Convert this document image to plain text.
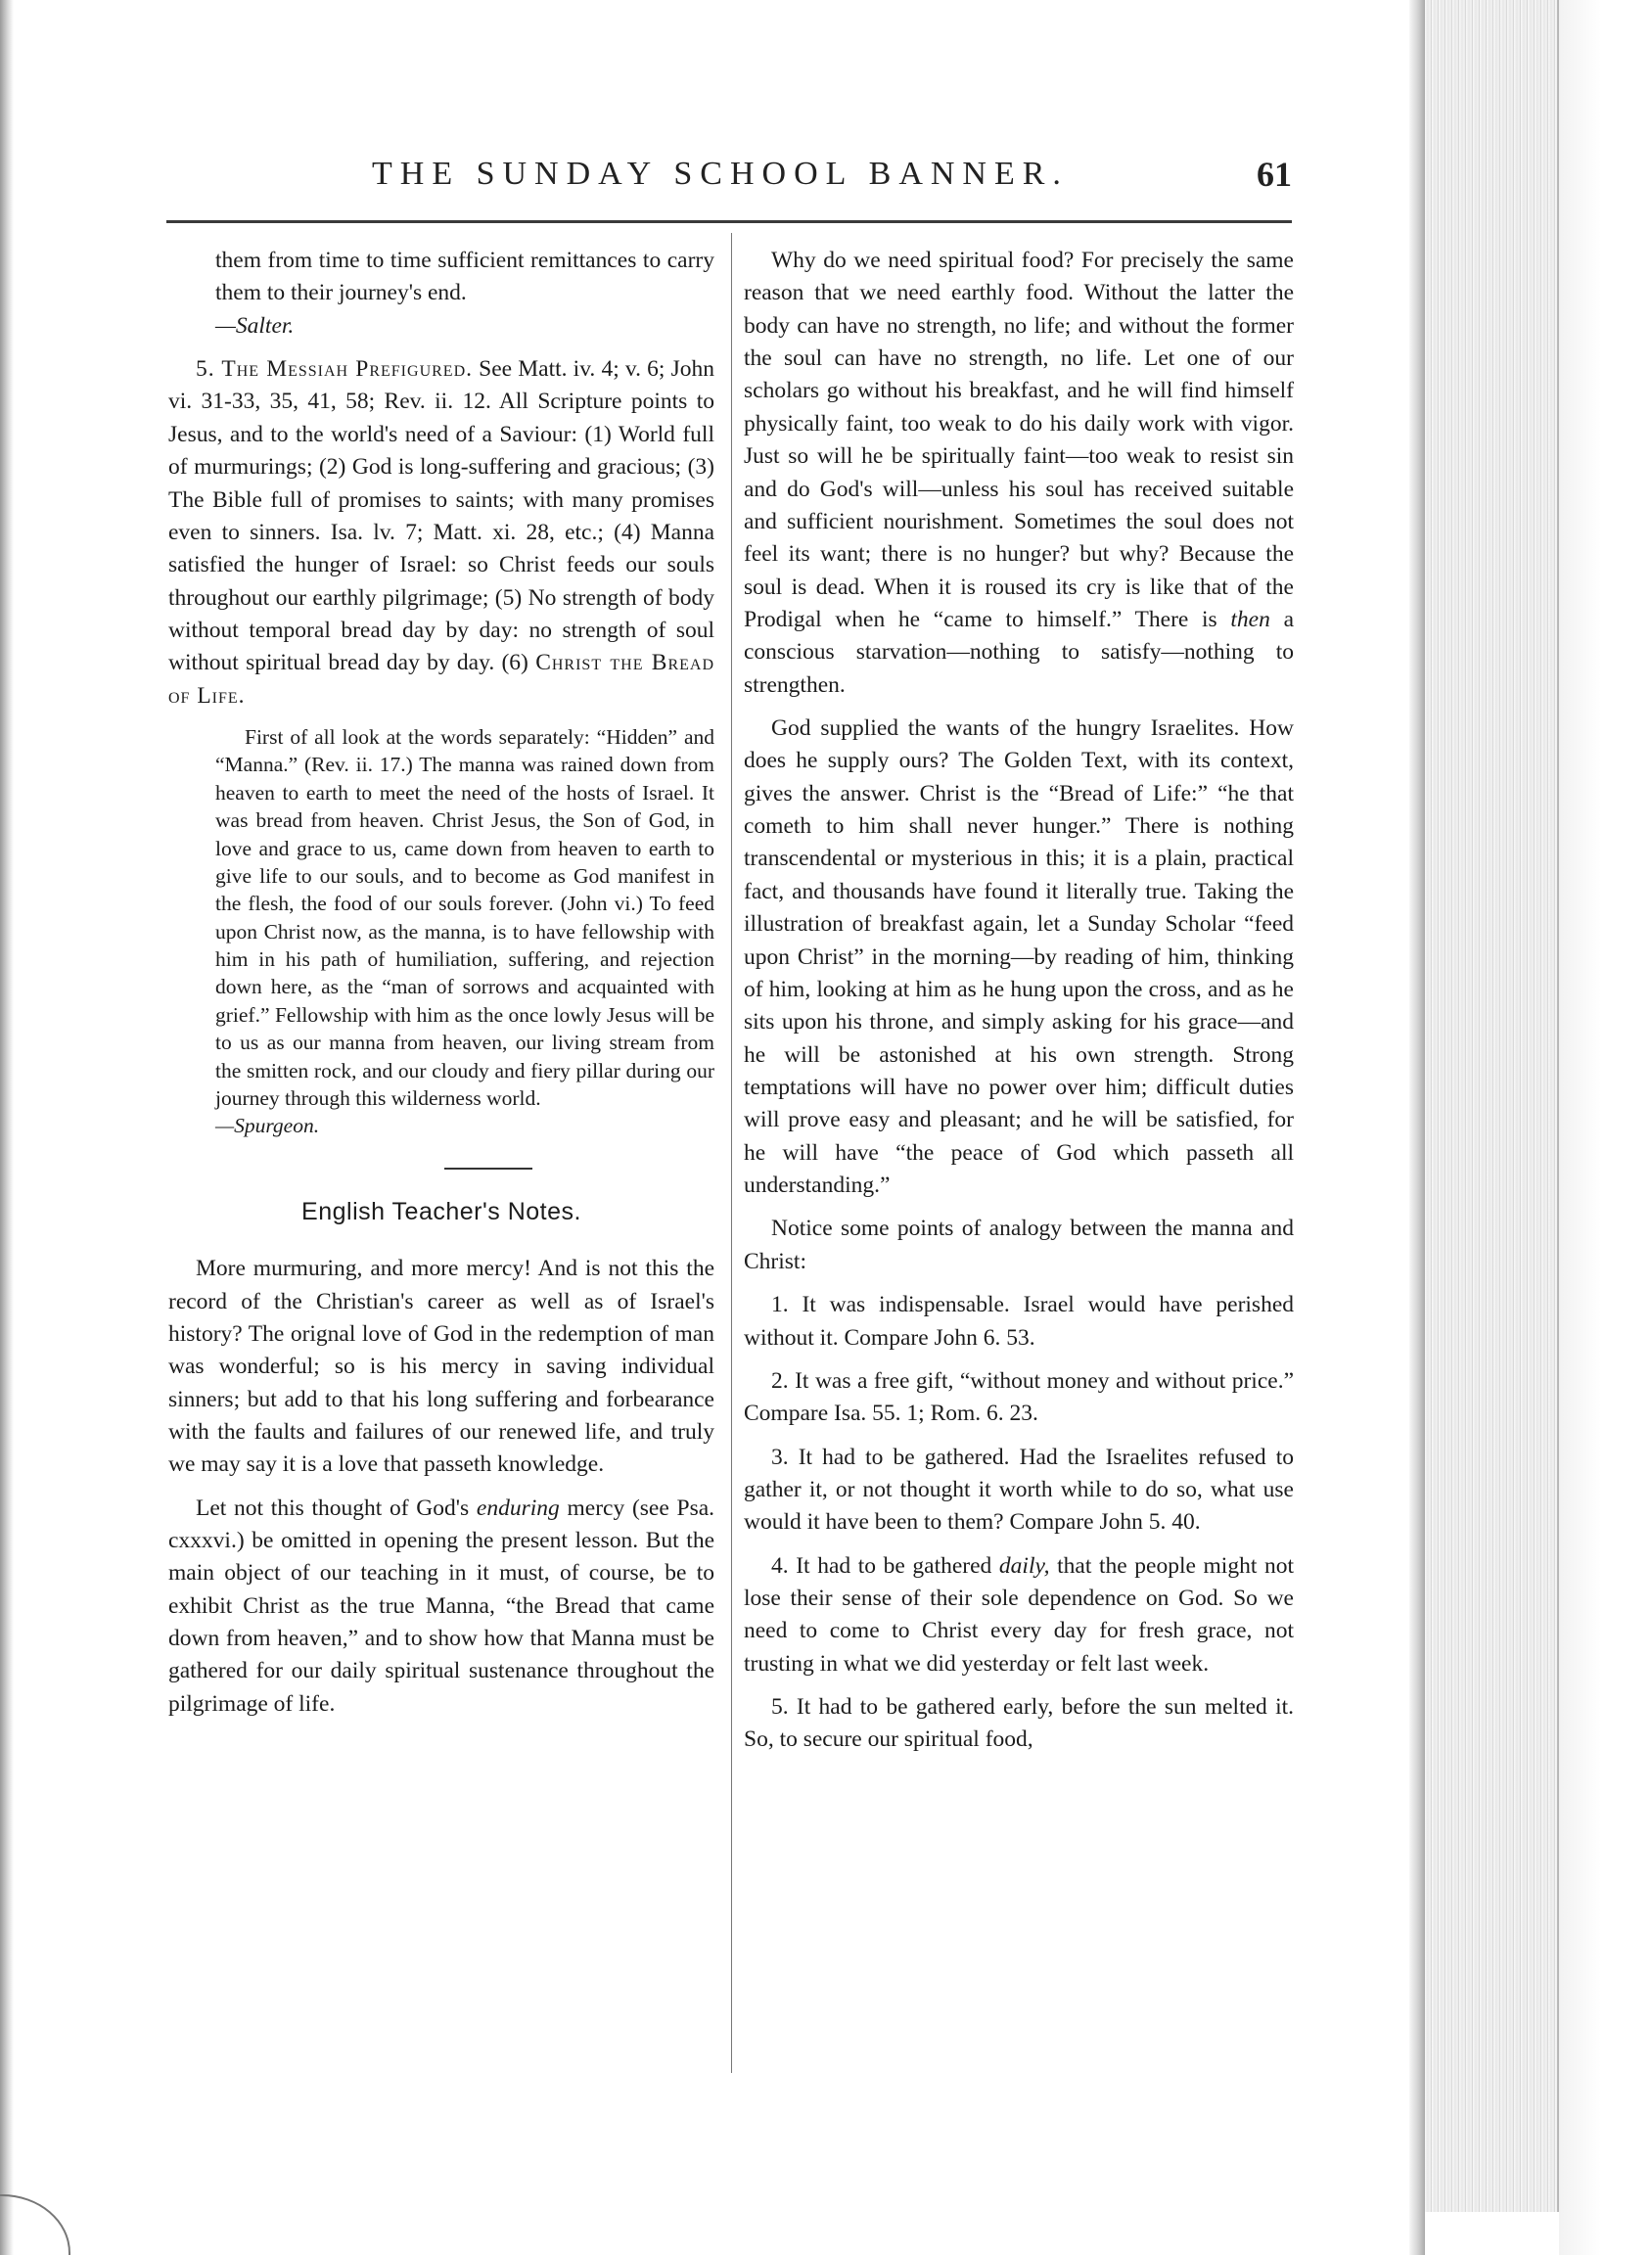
THE SUNDAY SCHOOL BANNER.	61

them from time to time sufficient remittances to carry them to their journey's end.
—Salter.

5. The Messiah Prefigured. See Matt. iv. 4; v. 6; John vi. 31-33, 35, 41, 58; Rev. ii. 12. All Scripture points to Jesus, and to the world's need of a Saviour: (1) World full of murmurings; (2) God is long-suffering and gracious; (3) The Bible full of promises to saints; with many promises even to sinners. Isa. lv. 7; Matt. xi. 28, etc.; (4) Manna satisfied the hunger of Israel: so Christ feeds our souls throughout our earthly pilgrimage; (5) No strength of body without temporal bread day by day: no strength of soul without spiritual bread day by day. (6) Christ the Bread of Life.

First of all look at the words separately: “Hidden” and “Manna.” (Rev. ii. 17.) The manna was rained down from heaven to earth to meet the need of the hosts of Israel. It was bread from heaven. Christ Jesus, the Son of God, in love and grace to us, came down from heaven to earth to give life to our souls, and to become as God manifest in the flesh, the food of our souls forever. (John vi.) To feed upon Christ now, as the manna, is to have fellowship with him in his path of humiliation, suffering, and rejection down here, as the “man of sorrows and acquainted with grief.” Fellowship with him as the once lowly Jesus will be to us as our manna from heaven, our living stream from the smitten rock, and our cloudy and fiery pillar during our journey through this wilderness world.
—Spurgeon.

English Teacher's Notes.

More murmuring, and more mercy! And is not this the record of the Christian's career as well as of Israel's history? The orignal love of God in the redemption of man was wonderful; so is his mercy in saving individual sinners; but add to that his long suffering and forbearance with the faults and failures of our renewed life, and truly we may say it is a love that passeth knowledge.

Let not this thought of God's enduring mercy (see Psa. cxxxvi.) be omitted in opening the present lesson. But the main object of our teaching in it must, of course, be to exhibit Christ as the true Manna, “the Bread that came down from heaven,” and to show how that Manna must be gathered for our daily spiritual sustenance throughout the pilgrimage of life.

Why do we need spiritual food? For precisely the same reason that we need earthly food. Without the latter the body can have no strength, no life; and without the former the soul can have no strength, no life. Let one of our scholars go without his breakfast, and he will find himself physically faint, too weak to do his daily work with vigor. Just so will he be spiritually faint—too weak to resist sin and do God's will—unless his soul has received suitable and sufficient nourishment. Sometimes the soul does not feel its want; there is no hunger? but why? Because the soul is dead. When it is roused its cry is like that of the Prodigal when he “came to himself.” There is then a conscious starvation—nothing to satisfy—nothing to strengthen.

God supplied the wants of the hungry Israelites. How does he supply ours? The Golden Text, with its context, gives the answer. Christ is the “Bread of Life:” “he that cometh to him shall never hunger.” There is nothing transcendental or mysterious in this; it is a plain, practical fact, and thousands have found it literally true. Taking the illustration of breakfast again, let a Sunday Scholar “feed upon Christ” in the morning—by reading of him, thinking of him, looking at him as he hung upon the cross, and as he sits upon his throne, and simply asking for his grace—and he will be astonished at his own strength. Strong temptations will have no power over him; difficult duties will prove easy and pleasant; and he will be satisfied, for he will have “the peace of God which passeth all understanding.”

Notice some points of analogy between the manna and Christ:

1. It was indispensable. Israel would have perished without it. Compare John 6. 53.

2. It was a free gift, “without money and without price.” Compare Isa. 55. 1; Rom. 6. 23.

3. It had to be gathered. Had the Israelites refused to gather it, or not thought it worth while to do so, what use would it have been to them? Compare John 5. 40.

4. It had to be gathered daily, that the people might not lose their sense of their sole dependence on God. So we need to come to Christ every day for fresh grace, not trusting in what we did yesterday or felt last week.

5. It had to be gathered early, before the sun melted it. So, to secure our spiritual food,
